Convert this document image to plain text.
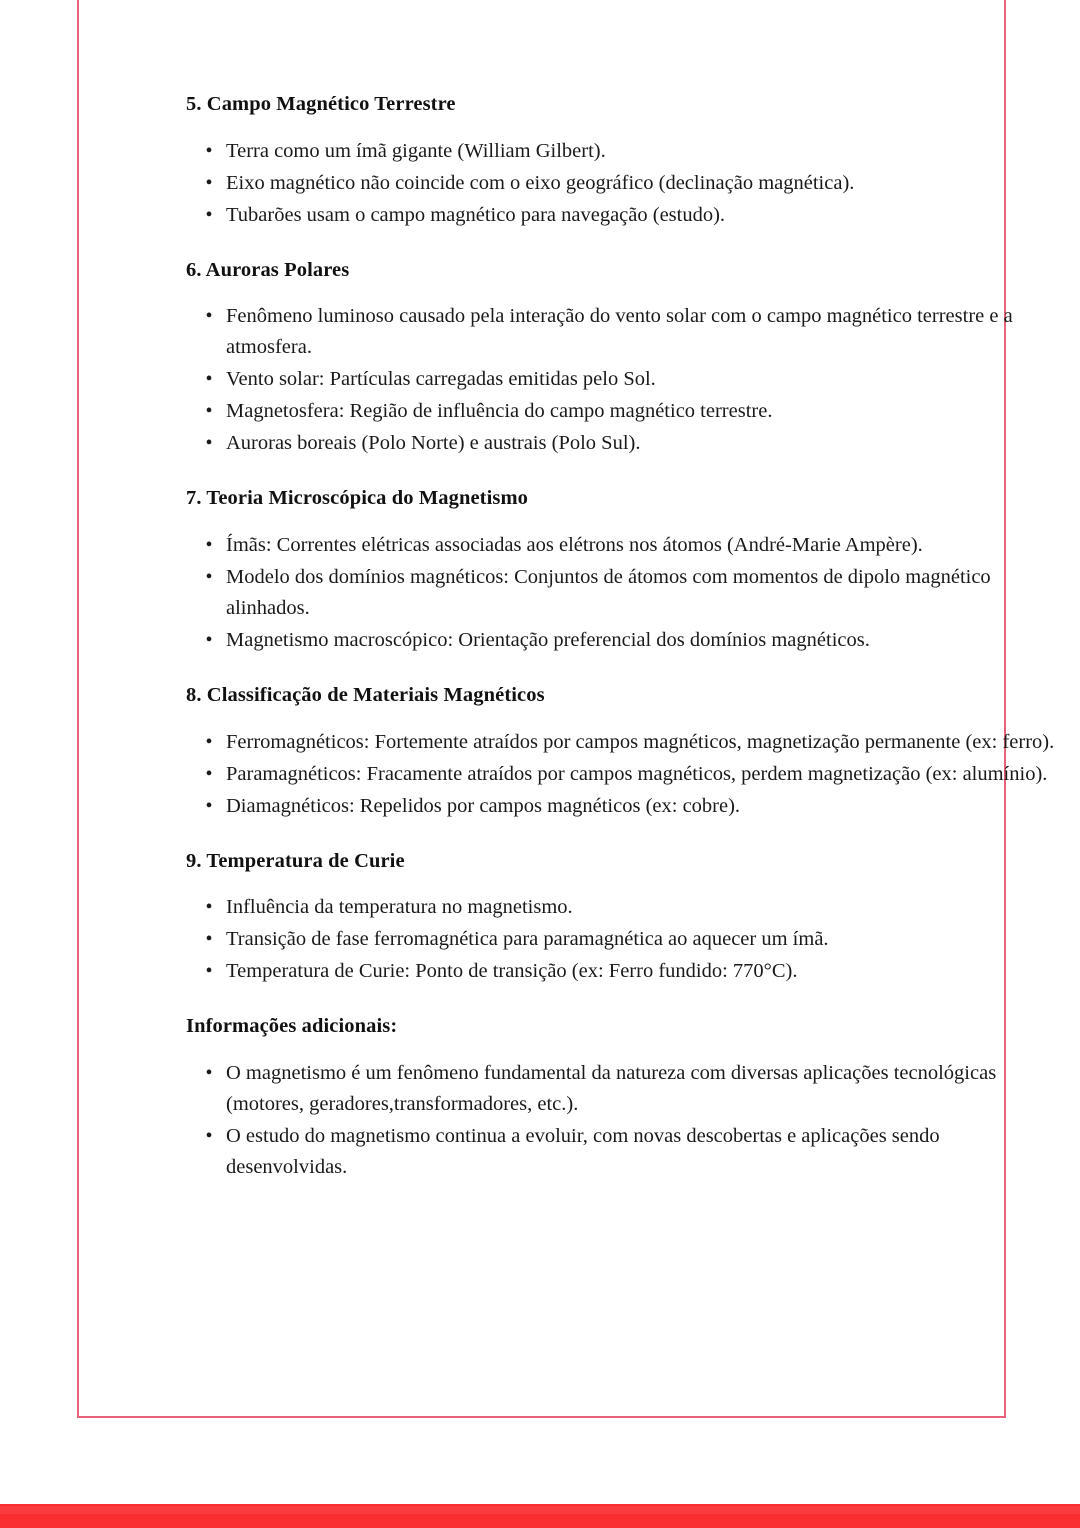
5. Campo Magnético Terrestre
• Terra como um ímã gigante (William Gilbert).
• Eixo magnético não coincide com o eixo geográfico (declinação magnética).
• Tubarões usam o campo magnético para navegação (estudo).
6. Auroras Polares
• Fenômeno luminoso causado pela interação do vento solar com o campo magnético terrestre e a atmosfera.
• Vento solar: Partículas carregadas emitidas pelo Sol.
• Magnetosfera: Região de influência do campo magnético terrestre.
• Auroras boreais (Polo Norte) e austrais (Polo Sul).
7. Teoria Microscópica do Magnetismo
• Ímãs: Correntes elétricas associadas aos elétrons nos átomos (André-Marie Ampère).
• Modelo dos domínios magnéticos: Conjuntos de átomos com momentos de dipolo magnético alinhados.
• Magnetismo macroscópico: Orientação preferencial dos domínios magnéticos.
8. Classificação de Materiais Magnéticos
• Ferromagnéticos: Fortemente atraídos por campos magnéticos, magnetização permanente (ex: ferro).
• Paramagnéticos: Fracamente atraídos por campos magnéticos, perdem magnetização (ex: alumínio).
• Diamagnéticos: Repelidos por campos magnéticos (ex: cobre).
9. Temperatura de Curie
• Influência da temperatura no magnetismo.
• Transição de fase ferromagnética para paramagnética ao aquecer um ímã.
• Temperatura de Curie: Ponto de transição (ex: Ferro fundido: 770°C).
Informações adicionais:
• O magnetismo é um fenômeno fundamental da natureza com diversas aplicações tecnológicas (motores, geradores,transformadores, etc.).
• O estudo do magnetismo continua a evoluir, com novas descobertas e aplicações sendo desenvolvidas.
